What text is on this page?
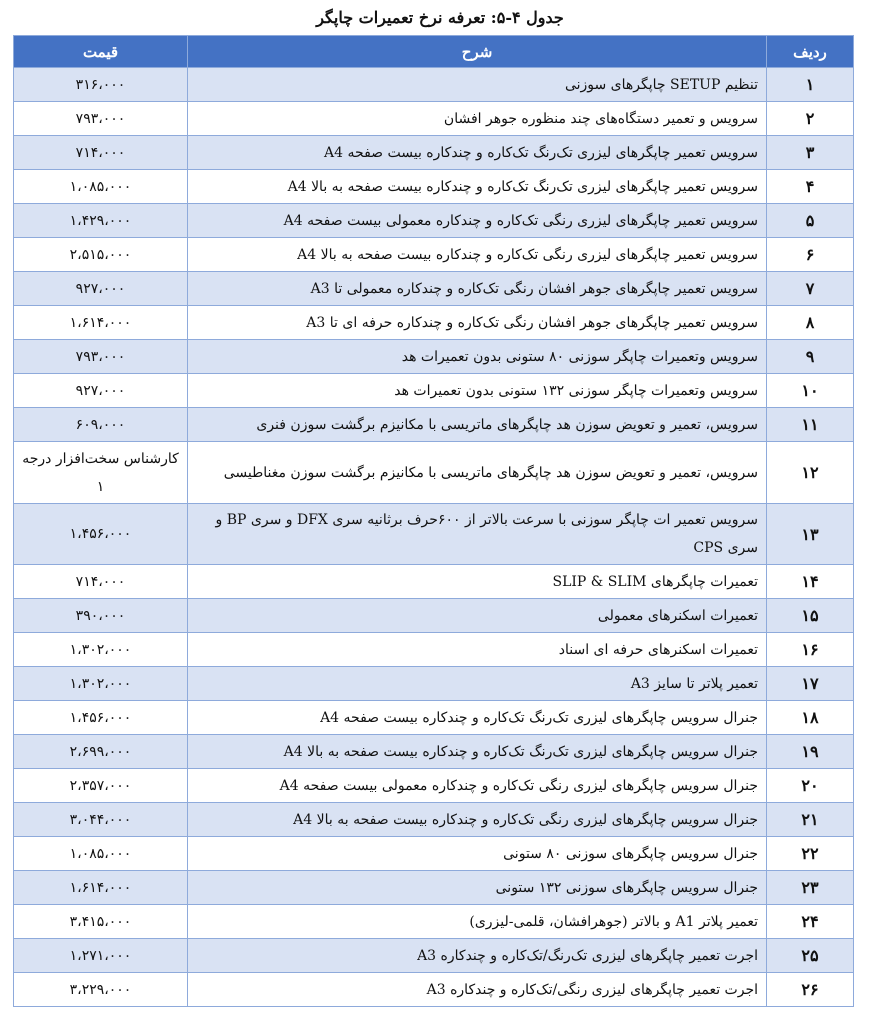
جدول ۴-۵: تعرفه نرخ تعمیرات چاپگر
ردیف	شرح	قیمت
۱	تنظیم SETUP چاپگرهای سوزنی	۳۱۶،۰۰۰
۲	سرویس و تعمیر دستگاه‌های چند منظوره جوهر افشان	۷۹۳،۰۰۰
۳	سرویس تعمیر چاپگرهای لیزری تک‌رنگ تک‌کاره و چندکاره بیست صفحه A4	۷۱۴،۰۰۰
۴	سرویس تعمیر چاپگرهای لیزری تک‌رنگ تک‌کاره و چندکاره بیست صفحه به بالا A4	۱،۰۸۵،۰۰۰
۵	سرویس تعمیر چاپگرهای لیزری رنگی تک‌کاره و چندکاره معمولی بیست صفحه A4	۱،۴۲۹،۰۰۰
۶	سرویس تعمیر چاپگرهای لیزری رنگی تک‌کاره و چندکاره بیست صفحه به بالا A4	۲،۵۱۵،۰۰۰
۷	سرویس تعمیر چاپگرهای جوهر افشان رنگی تک‌کاره و چندکاره معمولی تا A3	۹۲۷،۰۰۰
۸	سرویس تعمیر چاپگرهای جوهر افشان رنگی تک‌کاره و چندکاره حرفه ای تا A3	۱،۶۱۴،۰۰۰
۹	سرویس وتعمیرات چاپگر سوزنی ۸۰ ستونی بدون تعمیرات هد	۷۹۳،۰۰۰
۱۰	سرویس وتعمیرات چاپگر سوزنی ۱۳۲ ستونی بدون تعمیرات هد	۹۲۷،۰۰۰
۱۱	سرویس، تعمیر و تعویض سوزن هد چاپگرهای ماتریسی با مکانیزم برگشت سوزن فنری	۶۰۹،۰۰۰
۱۲	سرویس، تعمیر و تعویض سوزن هد چاپگرهای ماتریسی با مکانیزم برگشت سوزن مغناطیسی	کارشناس سخت‌افزار درجه ۱
۱۳	سرویس تعمیر ات چاپگر سوزنی با سرعت بالاتر از ۶۰۰حرف برثانیه سری DFX و سری BP و سری CPS	۱،۴۵۶،۰۰۰
۱۴	تعمیرات چاپگرهای SLIP & SLIM	۷۱۴،۰۰۰
۱۵	تعمیرات اسکنرهای معمولی	۳۹۰،۰۰۰
۱۶	تعمیرات اسکنرهای حرفه ای اسناد	۱،۳۰۲،۰۰۰
۱۷	تعمیر پلاتر تا سایز A3	۱،۳۰۲،۰۰۰
۱۸	جنرال سرویس چاپگرهای لیزری تک‌رنگ تک‌کاره و چندکاره بیست صفحه A4	۱،۴۵۶،۰۰۰
۱۹	جنرال سرویس چاپگرهای لیزری تک‌رنگ تک‌کاره و چندکاره بیست صفحه به بالا A4	۲،۶۹۹،۰۰۰
۲۰	جنرال سرویس چاپگرهای لیزری رنگی تک‌کاره و چندکاره معمولی بیست صفحه A4	۲،۳۵۷،۰۰۰
۲۱	جنرال سرویس چاپگرهای لیزری رنگی تک‌کاره و چندکاره بیست صفحه به بالا A4	۳،۰۴۴،۰۰۰
۲۲	جنرال سرویس چاپگرهای سوزنی ۸۰ ستونی	۱،۰۸۵،۰۰۰
۲۳	جنرال سرویس چاپگرهای سوزنی ۱۳۲ ستونی	۱،۶۱۴،۰۰۰
۲۴	تعمیر پلاتر A1 و بالاتر (جوهرافشان، قلمی-لیزری)	۳،۴۱۵،۰۰۰
۲۵	اجرت تعمیر چاپگرهای لیزری تک‌رنگ/تک‌کاره و چندکاره A3	۱،۲۷۱،۰۰۰
۲۶	اجرت تعمیر چاپگرهای لیزری رنگی/تک‌کاره و چندکاره A3	۳،۲۲۹،۰۰۰
